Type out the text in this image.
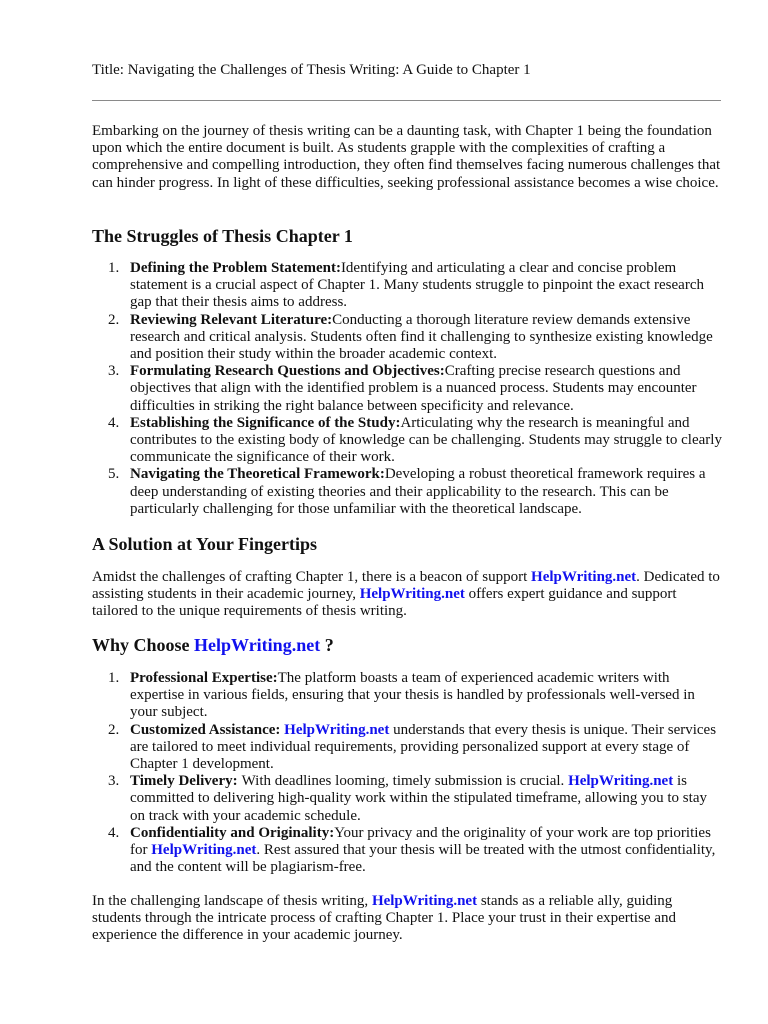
Title: Navigating the Challenges of Thesis Writing: A Guide to Chapter 1

Embarking on the journey of thesis writing can be a daunting task, with Chapter 1 being the foundation upon which the entire document is built. As students grapple with the complexities of crafting a comprehensive and compelling introduction, they often find themselves facing numerous challenges that can hinder progress. In light of these difficulties, seeking professional assistance becomes a wise choice.

The Struggles of Thesis Chapter 1
1. Defining the Problem Statement:Identifying and articulating a clear and concise problem statement is a crucial aspect of Chapter 1. Many students struggle to pinpoint the exact research gap that their thesis aims to address.
2. Reviewing Relevant Literature:Conducting a thorough literature review demands extensive research and critical analysis. Students often find it challenging to synthesize existing knowledge and position their study within the broader academic context.
3. Formulating Research Questions and Objectives:Crafting precise research questions and objectives that align with the identified problem is a nuanced process. Students may encounter difficulties in striking the right balance between specificity and relevance.
4. Establishing the Significance of the Study:Articulating why the research is meaningful and contributes to the existing body of knowledge can be challenging. Students may struggle to clearly communicate the significance of their work.
5. Navigating the Theoretical Framework:Developing a robust theoretical framework requires a deep understanding of existing theories and their applicability to the research. This can be particularly challenging for those unfamiliar with the theoretical landscape.
A Solution at Your Fingertips

Amidst the challenges of crafting Chapter 1, there is a beacon of support HelpWriting.net. Dedicated to assisting students in their academic journey, HelpWriting.net offers expert guidance and support tailored to the unique requirements of thesis writing.

Why Choose HelpWriting.net ?
1. Professional Expertise:The platform boasts a team of experienced academic writers with expertise in various fields, ensuring that your thesis is handled by professionals well-versed in your subject.
2. Customized Assistance: HelpWriting.net understands that every thesis is unique. Their services are tailored to meet individual requirements, providing personalized support at every stage of Chapter 1 development.
3. Timely Delivery: With deadlines looming, timely submission is crucial. HelpWriting.net is committed to delivering high-quality work within the stipulated timeframe, allowing you to stay on track with your academic schedule.
4. Confidentiality and Originality:Your privacy and the originality of your work are top priorities for HelpWriting.net. Rest assured that your thesis will be treated with the utmost confidentiality, and the content will be plagiarism-free.

In the challenging landscape of thesis writing, HelpWriting.net stands as a reliable ally, guiding students through the intricate process of crafting Chapter 1. Place your trust in their expertise and experience the difference in your academic journey.
